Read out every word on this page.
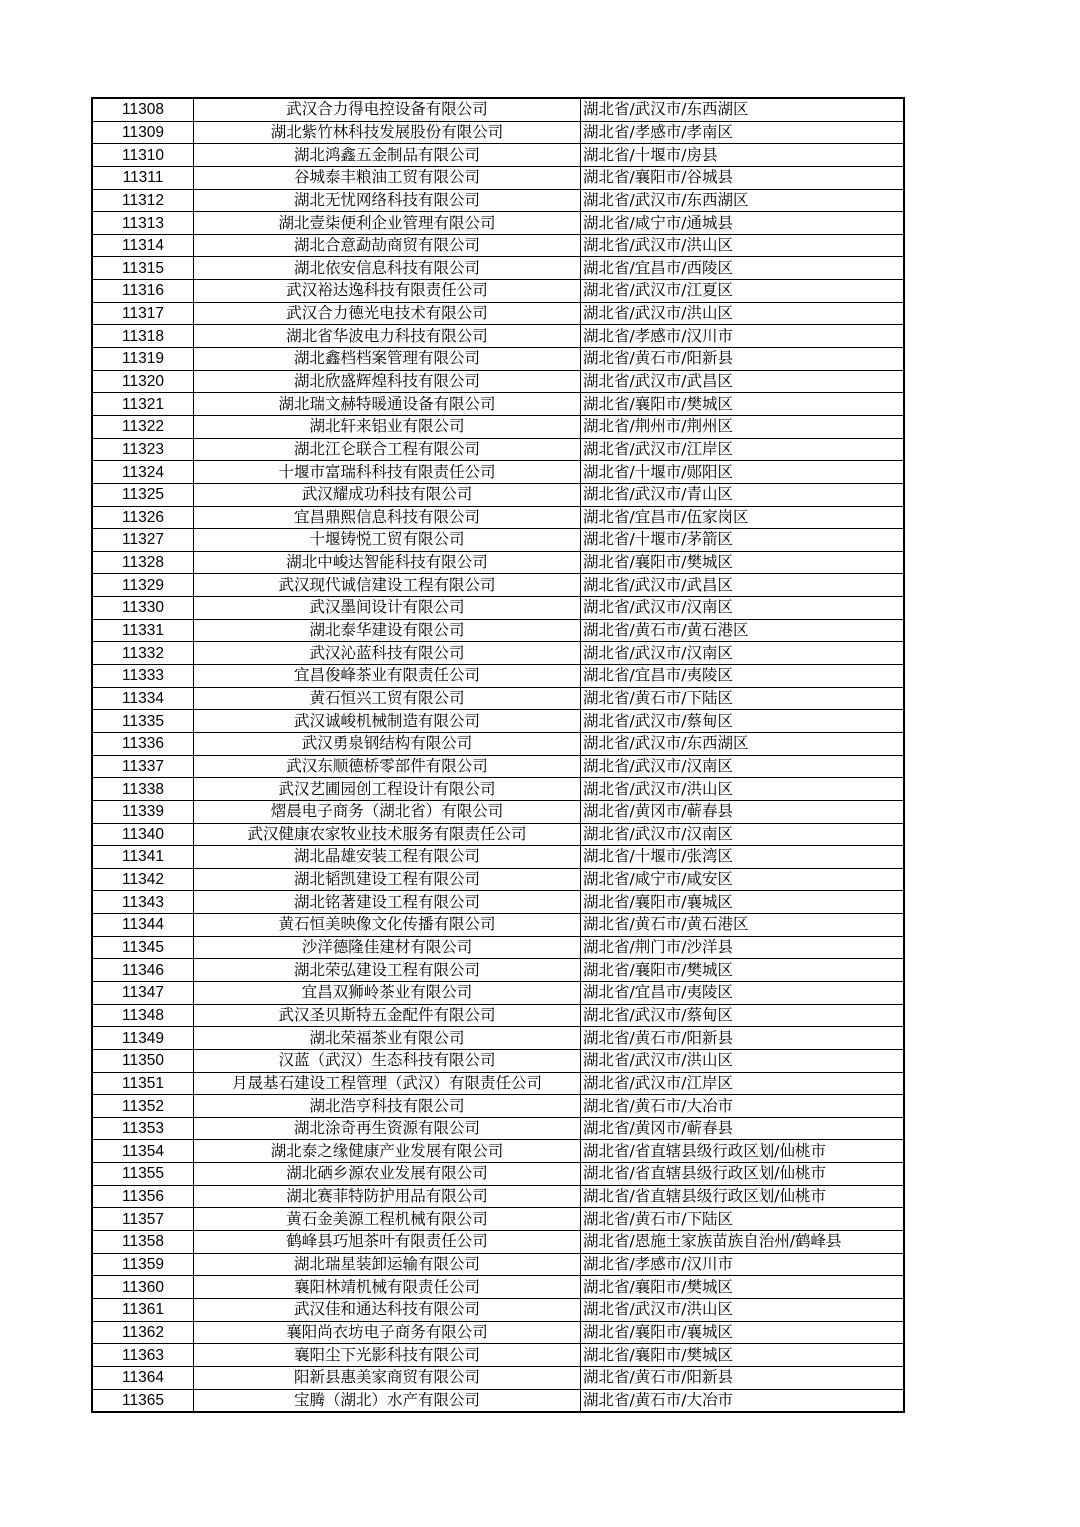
11308	武汉合力得电控设备有限公司	湖北省/武汉市/东西湖区
11309	湖北紫竹林科技发展股份有限公司	湖北省/孝感市/孝南区
11310	湖北鸿鑫五金制品有限公司	湖北省/十堰市/房县
11311	谷城泰丰粮油工贸有限公司	湖北省/襄阳市/谷城县
11312	湖北无忧网络科技有限公司	湖北省/武汉市/东西湖区
11313	湖北壹柒便利企业管理有限公司	湖北省/咸宁市/通城县
11314	湖北合意勐劼商贸有限公司	湖北省/武汉市/洪山区
11315	湖北依安信息科技有限公司	湖北省/宜昌市/西陵区
11316	武汉裕达逸科技有限责任公司	湖北省/武汉市/江夏区
11317	武汉合力德光电技术有限公司	湖北省/武汉市/洪山区
11318	湖北省华波电力科技有限公司	湖北省/孝感市/汉川市
11319	湖北鑫档档案管理有限公司	湖北省/黄石市/阳新县
11320	湖北欣盛辉煌科技有限公司	湖北省/武汉市/武昌区
11321	湖北瑞文赫特暖通设备有限公司	湖北省/襄阳市/樊城区
11322	湖北轩来铝业有限公司	湖北省/荆州市/荆州区
11323	湖北江仑联合工程有限公司	湖北省/武汉市/江岸区
11324	十堰市富瑞科科技有限责任公司	湖北省/十堰市/郧阳区
11325	武汉耀成功科技有限公司	湖北省/武汉市/青山区
11326	宜昌鼎熙信息科技有限公司	湖北省/宜昌市/伍家岗区
11327	十堰铸悦工贸有限公司	湖北省/十堰市/茅箭区
11328	湖北中峻达智能科技有限公司	湖北省/襄阳市/樊城区
11329	武汉现代诚信建设工程有限公司	湖北省/武汉市/武昌区
11330	武汉墨间设计有限公司	湖北省/武汉市/汉南区
11331	湖北泰华建设有限公司	湖北省/黄石市/黄石港区
11332	武汉沁蓝科技有限公司	湖北省/武汉市/汉南区
11333	宜昌俊峰茶业有限责任公司	湖北省/宜昌市/夷陵区
11334	黄石恒兴工贸有限公司	湖北省/黄石市/下陆区
11335	武汉诚峻机械制造有限公司	湖北省/武汉市/蔡甸区
11336	武汉勇泉钢结构有限公司	湖北省/武汉市/东西湖区
11337	武汉东顺德桥零部件有限公司	湖北省/武汉市/汉南区
11338	武汉艺圃园创工程设计有限公司	湖北省/武汉市/洪山区
11339	熠晨电子商务（湖北省）有限公司	湖北省/黄冈市/蕲春县
11340	武汉健康农家牧业技术服务有限责任公司	湖北省/武汉市/汉南区
11341	湖北晶雄安装工程有限公司	湖北省/十堰市/张湾区
11342	湖北韬凯建设工程有限公司	湖北省/咸宁市/咸安区
11343	湖北铭著建设工程有限公司	湖北省/襄阳市/襄城区
11344	黄石恒美映像文化传播有限公司	湖北省/黄石市/黄石港区
11345	沙洋德隆佳建材有限公司	湖北省/荆门市/沙洋县
11346	湖北荣弘建设工程有限公司	湖北省/襄阳市/樊城区
11347	宜昌双狮岭茶业有限公司	湖北省/宜昌市/夷陵区
11348	武汉圣贝斯特五金配件有限公司	湖北省/武汉市/蔡甸区
11349	湖北荣福茶业有限公司	湖北省/黄石市/阳新县
11350	汉蓝（武汉）生态科技有限公司	湖北省/武汉市/洪山区
11351	月晟基石建设工程管理（武汉）有限责任公司	湖北省/武汉市/江岸区
11352	湖北浩亨科技有限公司	湖北省/黄石市/大冶市
11353	湖北涂奇再生资源有限公司	湖北省/黄冈市/蕲春县
11354	湖北泰之缘健康产业发展有限公司	湖北省/省直辖县级行政区划/仙桃市
11355	湖北硒乡源农业发展有限公司	湖北省/省直辖县级行政区划/仙桃市
11356	湖北赛菲特防护用品有限公司	湖北省/省直辖县级行政区划/仙桃市
11357	黄石金美源工程机械有限公司	湖北省/黄石市/下陆区
11358	鹤峰县巧旭茶叶有限责任公司	湖北省/恩施土家族苗族自治州/鹤峰县
11359	湖北瑞星装卸运输有限公司	湖北省/孝感市/汉川市
11360	襄阳林靖机械有限责任公司	湖北省/襄阳市/樊城区
11361	武汉佳和通达科技有限公司	湖北省/武汉市/洪山区
11362	襄阳尚衣坊电子商务有限公司	湖北省/襄阳市/襄城区
11363	襄阳尘下光影科技有限公司	湖北省/襄阳市/樊城区
11364	阳新县惠美家商贸有限公司	湖北省/黄石市/阳新县
11365	宝腾（湖北）水产有限公司	湖北省/黄石市/大冶市
